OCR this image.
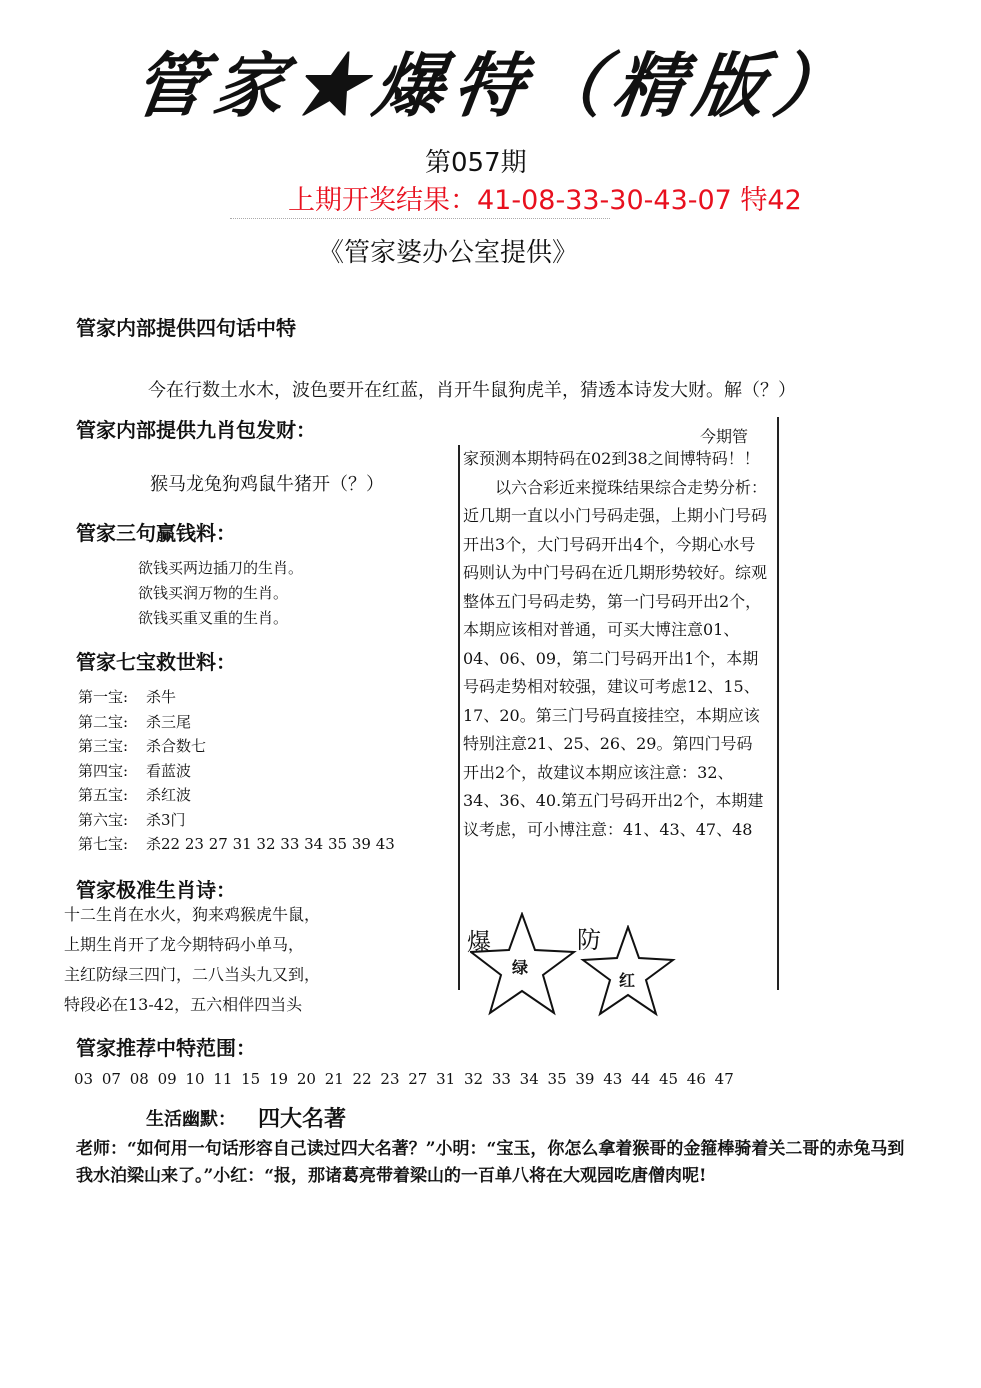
管家★爆特（精版）
第057期
上期开奖结果：41-08-33-30-43-07 特42
《管家婆办公室提供》
管家内部提供四句话中特
今在行数土水木，波色要开在红蓝，肖开牛鼠狗虎羊，猜透本诗发大财。解（？）
管家内部提供九肖包发财：
猴马龙兔狗鸡鼠牛猪开（？）
管家三句赢钱料：
欲钱买两边插刀的生肖。
欲钱买润万物的生肖。
欲钱买重叉重的生肖。
管家七宝救世料：
第一宝: 杀牛
第二宝: 杀三尾
第三宝: 杀合数七
第四宝: 看蓝波
第五宝: 杀红波
第六宝: 杀3门
第七宝: 杀22 23 27 31 32 33 34 35 39 43
管家极准生肖诗：
十二生肖在水火，狗来鸡猴虎牛鼠，
上期生肖开了龙今期特码小单马，
主红防绿三四门，二八当头九又到，
特段必在13-42，五六相伴四当头
今期管

家预测本期特码在02到38之间博特码！！

以六合彩近来搅珠结果综合走势分析：近几期一直以小门号码走强，上期小门号码开出3个，大门号码开出4个，今期心水号码则认为中门号码在近几期形势较好。综观整体五门号码走势，第一门号码开出2个，本期应该相对普通，可买大博注意01、04、06、09，第二门号码开出1个，本期号码走势相对较强，建议可考虑12、15、17、20。第三门号码直接挂空，本期应该特别注意21、25、26、29。第四门号码开出2个，故建议本期应该注意：32、34、36、40.第五门号码开出2个，本期建议考虑，可小博注意：41、43、47、48

爆	防
绿
红
管家推荐中特范围：
03 07 08 09 10 11 15 19 20 21 22 23 27 31 32 33 34 35 39 43 44 45 46 47
生活幽默： 四大名著
老师：“如何用一句话形容自己读过四大名著？”小明：“宝玉，你怎么拿着猴哥的金箍棒骑着关二哥的赤兔马到我水泊梁山来了。”小红：“报，那诸葛亮带着梁山的一百单八将在大观园吃唐僧肉呢!
